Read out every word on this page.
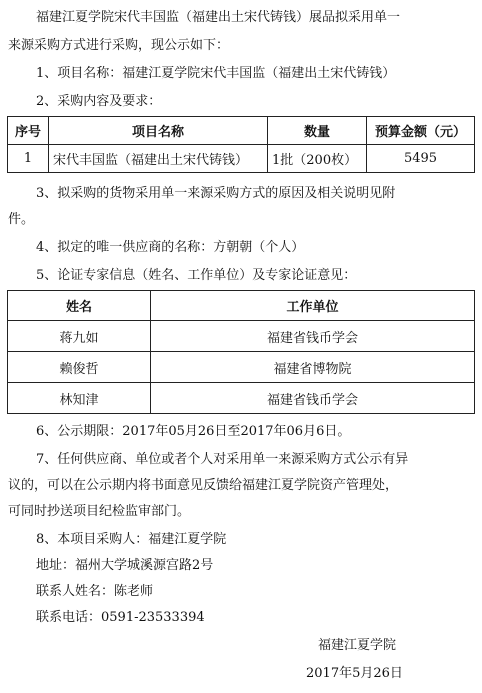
福建江夏学院宋代丰国监（福建出土宋代铸钱）展品拟采用单一
来源采购方式进行采购，现公示如下：
1、项目名称：福建江夏学院宋代丰国监（福建出土宋代铸钱）
2、采购内容及要求：
序号	项目名称	数量	预算金额（元）
1	宋代丰国监（福建出土宋代铸钱）	1批（200枚）	5495
3、拟采购的货物采用单一来源采购方式的原因及相关说明见附
件。
4、拟定的唯一供应商的名称：方朝朝（个人）
5、论证专家信息（姓名、工作单位）及专家论证意见：
姓名	工作单位
蒋九如	福建省钱币学会
赖俊哲	福建省博物院
林知津	福建省钱币学会
6、公示期限：2017年05月26日至2017年06月6日。
7、任何供应商、单位或者个人对采用单一来源采购方式公示有异
议的，可以在公示期内将书面意见反馈给福建江夏学院资产管理处，
可同时抄送项目纪检监审部门。
8、本项目采购人：福建江夏学院
地址：福州大学城溪源宫路2号
联系人姓名：陈老师
联系电话：0591-23533394
福建江夏学院
2017年5月26日
